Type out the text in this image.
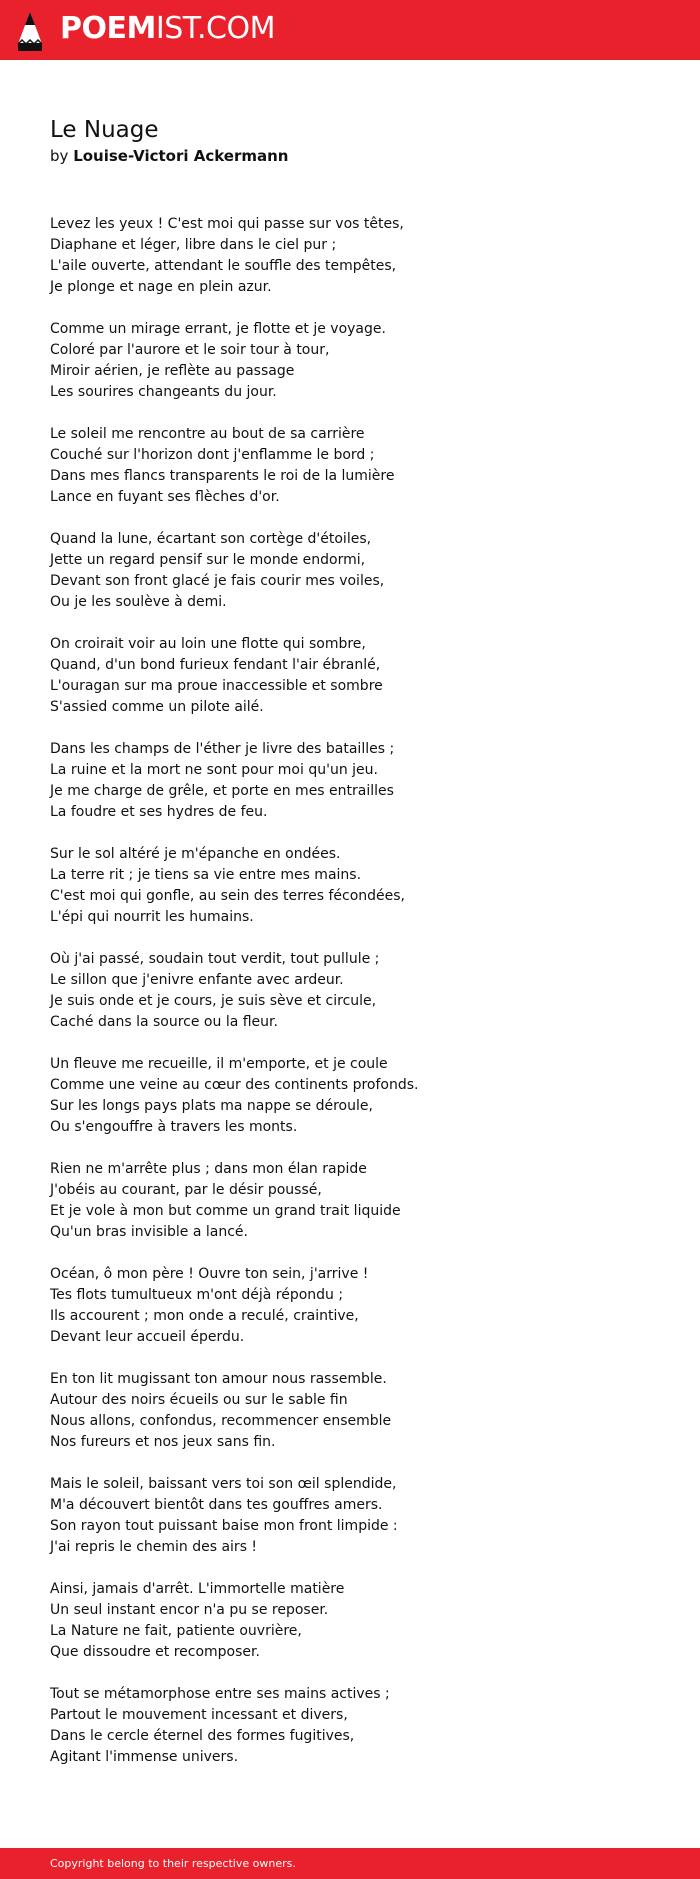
POEMIST.COM
Le Nuage
by Louise-Victori Ackermann
Levez les yeux ! C'est moi qui passe sur vos têtes,
Diaphane et léger, libre dans le ciel pur ;
L'aile ouverte, attendant le souffle des tempêtes,
Je plonge et nage en plein azur.
Comme un mirage errant, je flotte et je voyage.
Coloré par l'aurore et le soir tour à tour,
Miroir aérien, je reflète au passage
Les sourires changeants du jour.
Le soleil me rencontre au bout de sa carrière
Couché sur l'horizon dont j'enflamme le bord ;
Dans mes flancs transparents le roi de la lumière
Lance en fuyant ses flèches d'or.
Quand la lune, écartant son cortège d'étoiles,
Jette un regard pensif sur le monde endormi,
Devant son front glacé je fais courir mes voiles,
Ou je les soulève à demi.
On croirait voir au loin une flotte qui sombre,
Quand, d'un bond furieux fendant l'air ébranlé,
L'ouragan sur ma proue inaccessible et sombre
S'assied comme un pilote ailé.
Dans les champs de l'éther je livre des batailles ;
La ruine et la mort ne sont pour moi qu'un jeu.
Je me charge de grêle, et porte en mes entrailles
La foudre et ses hydres de feu.
Sur le sol altéré je m'épanche en ondées.
La terre rit ; je tiens sa vie entre mes mains.
C'est moi qui gonfle, au sein des terres fécondées,
L'épi qui nourrit les humains.
Où j'ai passé, soudain tout verdit, tout pullule ;
Le sillon que j'enivre enfante avec ardeur.
Je suis onde et je cours, je suis sève et circule,
Caché dans la source ou la fleur.
Un fleuve me recueille, il m'emporte, et je coule
Comme une veine au cœur des continents profonds.
Sur les longs pays plats ma nappe se déroule,
Ou s'engouffre à travers les monts.
Rien ne m'arrête plus ; dans mon élan rapide
J'obéis au courant, par le désir poussé,
Et je vole à mon but comme un grand trait liquide
Qu'un bras invisible a lancé.
Océan, ô mon père ! Ouvre ton sein, j'arrive !
Tes flots tumultueux m'ont déjà répondu ;
Ils accourent ; mon onde a reculé, craintive,
Devant leur accueil éperdu.
En ton lit mugissant ton amour nous rassemble.
Autour des noirs écueils ou sur le sable fin
Nous allons, confondus, recommencer ensemble
Nos fureurs et nos jeux sans fin.
Mais le soleil, baissant vers toi son œil splendide,
M'a découvert bientôt dans tes gouffres amers.
Son rayon tout puissant baise mon front limpide :
J'ai repris le chemin des airs !
Ainsi, jamais d'arrêt. L'immortelle matière
Un seul instant encor n'a pu se reposer.
La Nature ne fait, patiente ouvrière,
Que dissoudre et recomposer.
Tout se métamorphose entre ses mains actives ;
Partout le mouvement incessant et divers,
Dans le cercle éternel des formes fugitives,
Agitant l'immense univers.
Copyright belong to their respective owners.
